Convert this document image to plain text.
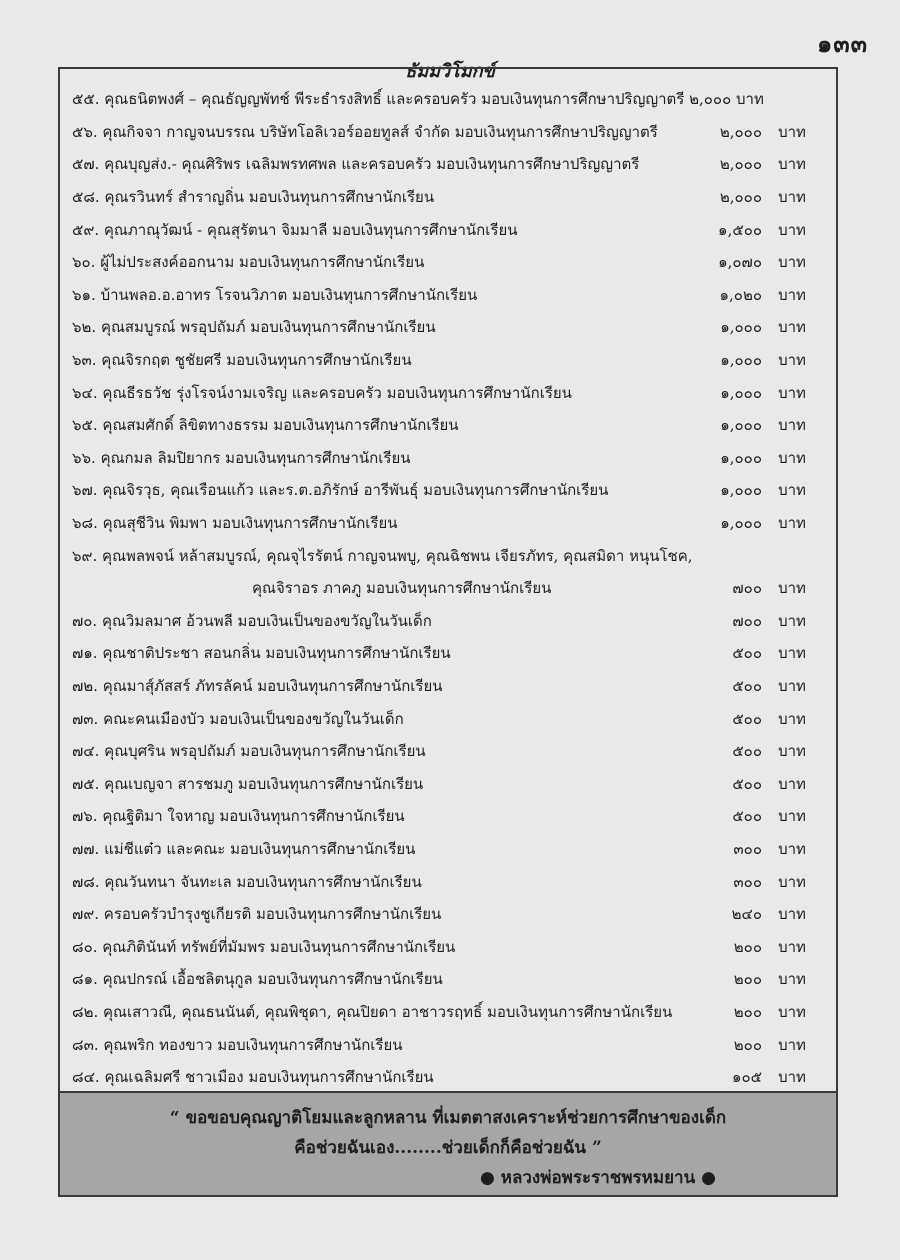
๑๓๓
ธัมมวิโมกข์
๕๕. คุณธนิตพงศ์ – คุณธัญญพัทช์ พีระธำรงสิทธิ์ และครอบครัว มอบเงินทุนการศึกษาปริญญาตรี ๒,๐๐๐ บาท
๕๖. คุณกิจจา กาญจนบรรณ บริษัทโอลิเวอร์ออยทูลส์ จำกัด มอบเงินทุนการศึกษาปริญญาตรี	๒,๐๐๐	บาท
๕๗. คุณบุญส่ง.- คุณศิริพร เฉลิมพรทศพล และครอบครัว มอบเงินทุนการศึกษาปริญญาตรี	๒,๐๐๐	บาท
๕๘. คุณรวินทร์ สำราญถิ่น มอบเงินทุนการศึกษานักเรียน	๒,๐๐๐	บาท
๕๙. คุณภาณุวัฒน์ - คุณสุรัตนา จิมมาลี มอบเงินทุนการศึกษานักเรียน	๑,๕๐๐	บาท
๖๐. ผู้ไม่ประสงค์ออกนาม มอบเงินทุนการศึกษานักเรียน	๑,๐๗๐	บาท
๖๑. บ้านพลอ.อ.อาทร โรจนวิภาต มอบเงินทุนการศึกษานักเรียน	๑,๐๒๐	บาท
๖๒. คุณสมบูรณ์ พรอุปถัมภ์ มอบเงินทุนการศึกษานักเรียน	๑,๐๐๐	บาท
๖๓. คุณจิรกฤต ชูชัยศรี มอบเงินทุนการศึกษานักเรียน	๑,๐๐๐	บาท
๖๔. คุณธีรธวัช รุ่งโรจน์งามเจริญ และครอบครัว มอบเงินทุนการศึกษานักเรียน	๑,๐๐๐	บาท
๖๕. คุณสมศักดิ์ ลิขิตทางธรรม มอบเงินทุนการศึกษานักเรียน	๑,๐๐๐	บาท
๖๖. คุณกมล ลิมปิยากร มอบเงินทุนการศึกษานักเรียน	๑,๐๐๐	บาท
๖๗. คุณจิรวุธ, คุณเรือนแก้ว และร.ต.อภิรักษ์ อารีพันธุ์ มอบเงินทุนการศึกษานักเรียน	๑,๐๐๐	บาท
๖๘. คุณสุชีวิน พิมพา มอบเงินทุนการศึกษานักเรียน	๑,๐๐๐	บาท
๖๙. คุณพลพจน์ หล้าสมบูรณ์, คุณจุไรรัตน์ กาญจนพบู, คุณฉิชพน เจียรภัทร, คุณสมิดา หนุนโชค,
คุณจิราอร ภาคภู มอบเงินทุนการศึกษานักเรียน	๗๐๐	บาท
๗๐. คุณวิมลมาศ อ้วนพลี มอบเงินเป็นของขวัญในวันเด็ก	๗๐๐	บาท
๗๑. คุณชาติประชา สอนกลิ่น มอบเงินทุนการศึกษานักเรียน	๕๐๐	บาท
๗๒. คุณมาสุ์ภัสสร์ ภัทรลัคน์ มอบเงินทุนการศึกษานักเรียน	๕๐๐	บาท
๗๓. คณะคนเมืองบัว มอบเงินเป็นของขวัญในวันเด็ก	๕๐๐	บาท
๗๔. คุณบุศริน พรอุปถัมภ์ มอบเงินทุนการศึกษานักเรียน	๕๐๐	บาท
๗๕. คุณเบญจา สารชมภู มอบเงินทุนการศึกษานักเรียน	๕๐๐	บาท
๗๖. คุณฐิติมา ใจหาญ มอบเงินทุนการศึกษานักเรียน	๕๐๐	บาท
๗๗. แม่ชีแต๋ว และคณะ มอบเงินทุนการศึกษานักเรียน	๓๐๐	บาท
๗๘. คุณวันทนา จันทะเล มอบเงินทุนการศึกษานักเรียน	๓๐๐	บาท
๗๙. ครอบครัวบำรุงชูเกียรติ มอบเงินทุนการศึกษานักเรียน	๒๔๐	บาท
๘๐. คุณภิตินันท์ ทรัพย์ที่มัมพร มอบเงินทุนการศึกษานักเรียน	๒๐๐	บาท
๘๑. คุณปกรณ์ เอื้อชลิตนุกูล มอบเงินทุนการศึกษานักเรียน	๒๐๐	บาท
๘๒. คุณเสาวณี, คุณธนนันต์, คุณพิชุดา, คุณปิยดา อาชาวรฤทธิ์ มอบเงินทุนการศึกษานักเรียน	๒๐๐	บาท
๘๓. คุณพริก ทองขาว มอบเงินทุนการศึกษานักเรียน	๒๐๐	บาท
๘๔. คุณเฉลิมศรี ชาวเมือง มอบเงินทุนการศึกษานักเรียน	๑๐๕	บาท
“ ขอขอบคุณญาติโยมและลูกหลาน ที่เมตตาสงเคราะห์ช่วยการศึกษาของเด็ก
คือช่วยฉันเอง........ช่วยเด็กก็คือช่วยฉัน ”
● หลวงพ่อพระราชพรหมยาน ●
